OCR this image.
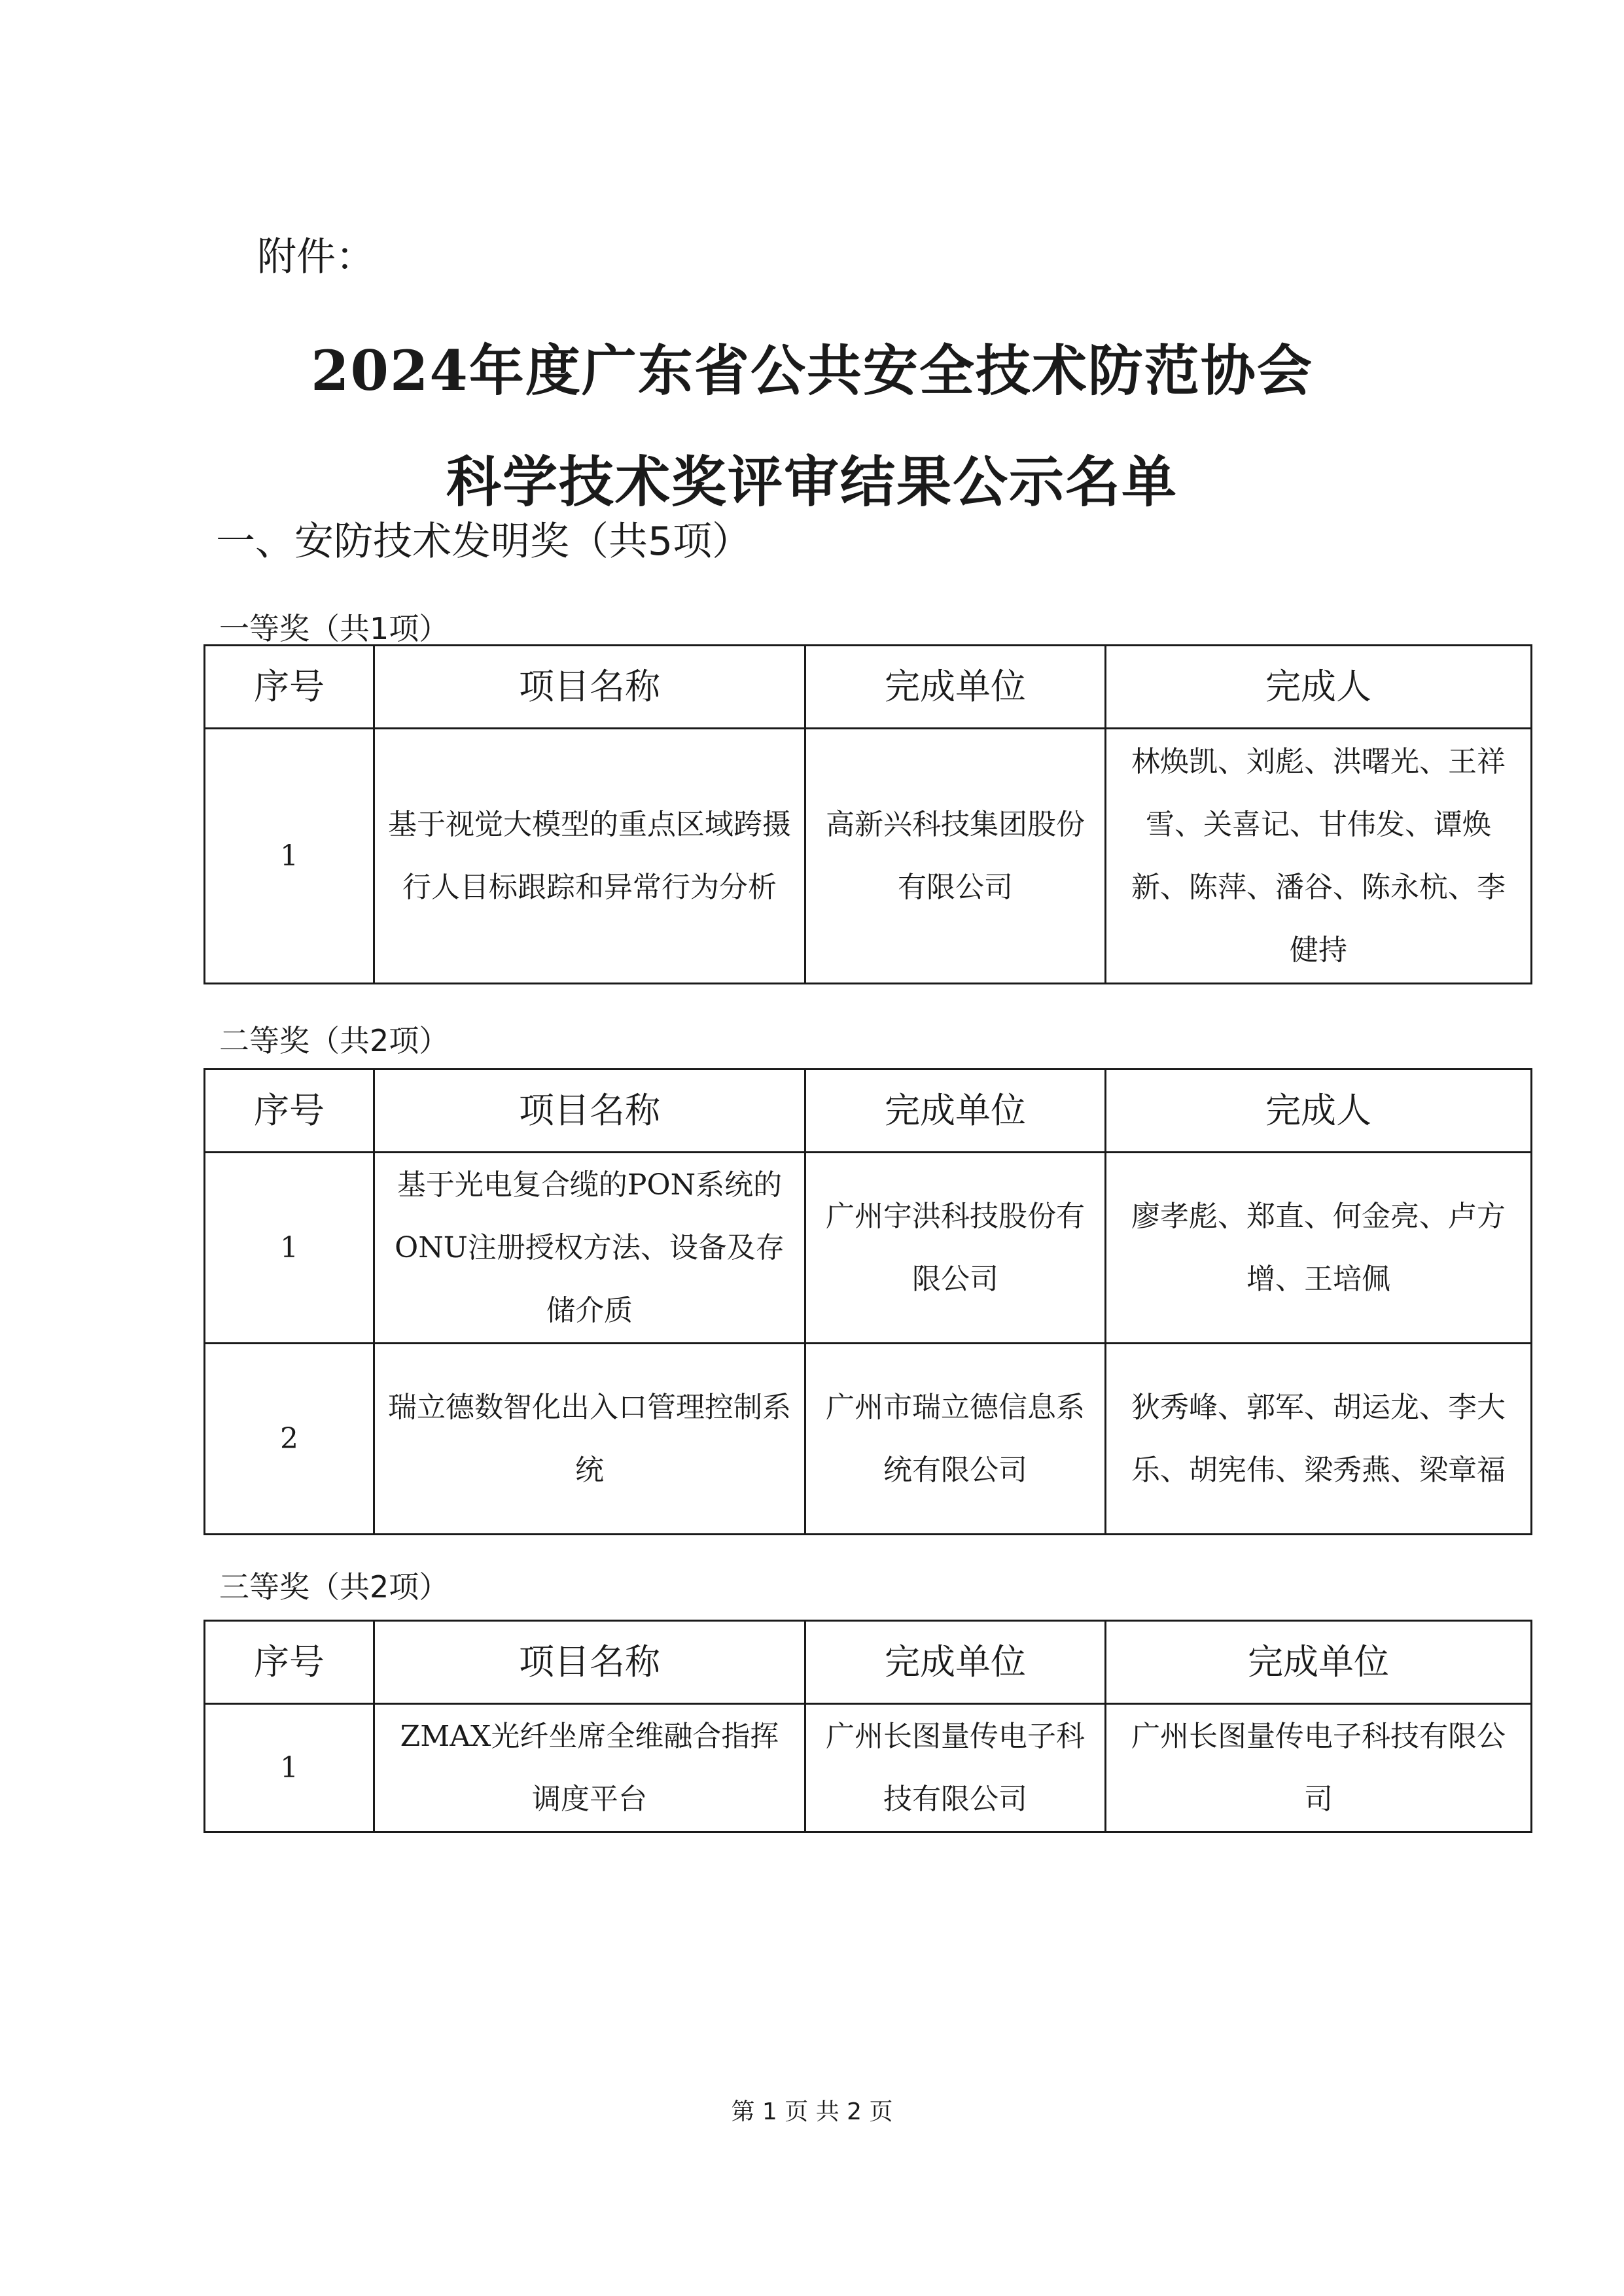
附件：
2024年度广东省公共安全技术防范协会
科学技术奖评审结果公示名单
一、安防技术发明奖（共5项）
一等奖（共1项）
序号	项目名称	完成单位	完成人
1	基于视觉大模型的重点区域跨摄行人目标跟踪和异常行为分析	高新兴科技集团股份有限公司	林焕凯、刘彪、洪曙光、王祥雪、关喜记、甘伟发、谭焕新、陈萍、潘谷、陈永杭、李健持
二等奖（共2项）
序号	项目名称	完成单位	完成人
1	基于光电复合缆的PON系统的ONU注册授权方法、设备及存储介质	广州宇洪科技股份有限公司	廖孝彪、郑直、何金亮、卢方增、王培佩
2	瑞立德数智化出入口管理控制系统	广州市瑞立德信息系统有限公司	狄秀峰、郭军、胡运龙、李大乐、胡宪伟、梁秀燕、梁章福
三等奖（共2项）
序号	项目名称	完成单位	完成单位
1	ZMAX光纤坐席全维融合指挥调度平台	广州长图量传电子科技有限公司	广州长图量传电子科技有限公司
第 1 页 共 2 页
